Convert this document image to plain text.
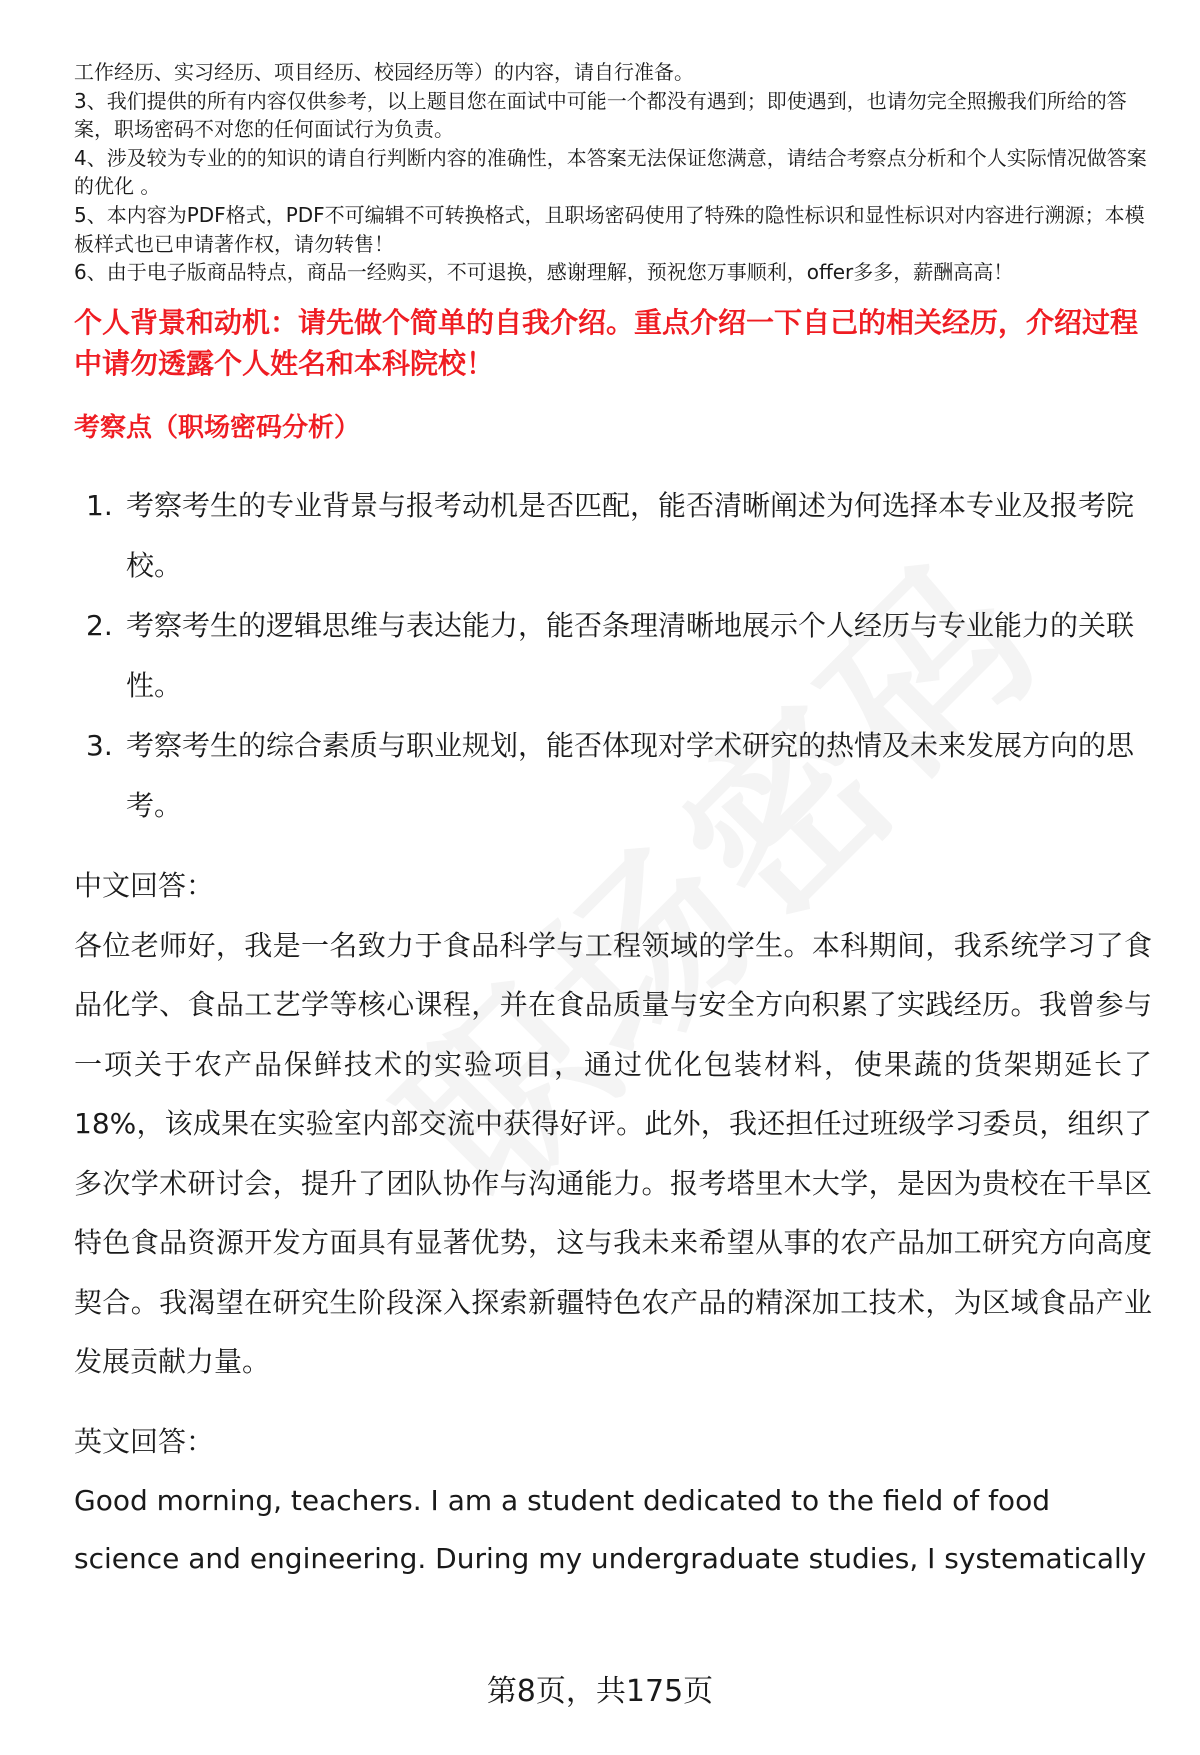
工作经历、实习经历、项目经历、校园经历等）的内容，请自行准备。

3、我们提供的所有内容仅供参考，以上题目您在面试中可能一个都没有遇到；即使遇到，也请勿完全照搬我们所给的答案，职场密码不对您的任何面试行为负责。

4、涉及较为专业的的知识的请自行判断内容的准确性，本答案无法保证您满意，请结合考察点分析和个人实际情况做答案的优化 。

5、本内容为PDF格式，PDF不可编辑不可转换格式，且职场密码使用了特殊的隐性标识和显性标识对内容进行溯源；本模板样式也已申请著作权，请勿转售！

6、由于电子版商品特点，商品一经购买，不可退换，感谢理解，预祝您万事顺利，offer多多，薪酬高高！

个人背景和动机：请先做个简单的自我介绍。重点介绍一下自己的相关经历，介绍过程中请勿透露个人姓名和本科院校！
考察点（职场密码分析）
1. 考察考生的专业背景与报考动机是否匹配，能否清晰阐述为何选择本专业及报考院校。
2. 考察考生的逻辑思维与表达能力，能否条理清晰地展示个人经历与专业能力的关联性。
3. 考察考生的综合素质与职业规划，能否体现对学术研究的热情及未来发展方向的思考。
中文回答：

各位老师好，我是一名致力于食品科学与工程领域的学生。本科期间，我系统学习了食品化学、食品工艺学等核心课程，并在食品质量与安全方向积累了实践经历。我曾参与一项关于农产品保鲜技术的实验项目，通过优化包装材料，使果蔬的货架期延长了18%，该成果在实验室内部交流中获得好评。此外，我还担任过班级学习委员，组织了多次学术研讨会，提升了团队协作与沟通能力。报考塔里木大学，是因为贵校在干旱区特色食品资源开发方面具有显著优势，这与我未来希望从事的农产品加工研究方向高度契合。我渴望在研究生阶段深入探索新疆特色农产品的精深加工技术，为区域食品产业发展贡献力量。

英文回答：

Good morning, teachers. I am a student dedicated to the field of food science and engineering. During my undergraduate studies, I systematically

第8页，共175页
